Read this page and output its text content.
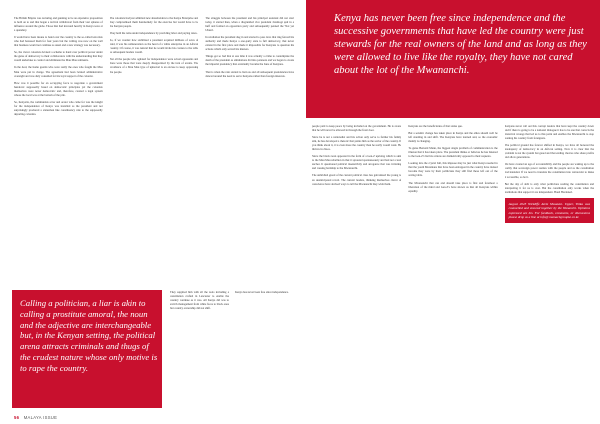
The British Empire was torturing and gunning to be an expansive proposition to hold on to and that began a tactical withdrawal from their vast spheres of influence around the globe. Those that had invested heavily in Kenya were at a quandary.

It would have been insane to hand over the country to the so-called terrorists who had harassed them for four years but the writing was now on the wall that business would not continue as usual and a new strategy was necessary.

So, the clever colonists devised a scheme to hand over political power under the guise of democracy to their collaborators with the understanding that they would undertake to control and eliminate the Mau Mau remnants.

In the deal, the home guards who were really the ones who fought the Mau Mau were put in charge. The agreement had been twisted administrative oversight and was duly consulted for his loyal support of the colonist.

How was it possible for an occupying force to negotiate a government handover supposedly based on democratic principles yet the colonists themselves were never democratic and, therefore, created a legal system whose the local was at the bottom of the pile.

So, Kenyatta, the communists actor and orator who came for was the knight for the independence of Kenya was installed as the president and not surprisingly produced a statesman like constituency rule to the supposedly departing colonists.

The colonists had just admitted new shareholders to the Kenya Enterprise and they compromised them handsomely for the exercise but would have to be the Kenyan people.

They held the reins under independence by providing labor and paying taxes.

So, if we wonder how stabilized a president acquired millions of acres of land, it was his remuneration as the head of a white enterprise in an African country. Of course, it was natural that he would invite his cronies to the table as subsequent leaders would.

Not all the people who agitated for independence were actual opponents and there were those that were deeply disappointed by the turn of events. The avoidance of a Mau Mau type of upheaval is an excuse to keep oppressing the people.

The struggle between the president and his principal assistant did not start today, it started then, when a disgruntled vice president Jaramogi quit in a huff and formed an opposition party and subsequently penned the 'Not yet Uhuru'.

In retaliation the president dug in and started to pass laws that ring fenced his authority and made Kenya a one-party state to full democracy, that never existed in the first place and made it impossible for Kenyans to question his actions which only served his masters.

Things got so bad that at one time it was actually a crime to contemplate the death of the president as simulations did into paranoia and we began to create the imperial presidency that eventually became the bane of Kenyans.

That is when the rain started to burn us and all subsequent presidencies have danced around the need to serve Kenyans rather than foreign interests.

Calling a politician, a liar is akin to calling a prostitute amoral, the noun and the adjective are interchangeable but, in the Kenyan setting, the political arena attracts criminals and thugs of the crudest nature whose only motive is to rape the country.

They supplied him with all the tools including a constitution crafted in Lancaster to enable the country continue as it was. All Kenya did was to switch management from white faces to black ones but country ownership did not shift.

Kenya has never been free since independence.

56 MALAYA ISSUE
Kenya has never been free since independence and the successive governments that have led the country were just stewards for the real owners of the land and as long as they were allowed to live like the royalty, they have not cared about the lot of the Mwananchi.

people paid to keep peace by being included on the government. He is aware that he will never be allowed in through the front door.

Since he is not a nationalist and his action only serve to further his family aim, he has developed a rhetoric that paints him as the savior of the country. If you think about it, it is even more the country than he really would want. He thrives in chaos.

Since the black swan appeared in the form of a Gen-Z uprising which is akin to the Mau Mau rebellion in that it sprouted spontaneously and had not a lead anchor. It questioned political insensitivity and arrogance that was irritating and causing hardship to the Mwananchi.

The unbridled greed of the current political class has galvanized the young to an unanticipated revolt. The current leaders, thinking themselves clever of conscience have devised ways to tell the Mwananchi they wish them.

Kenyans are the beneficiaries of that status quo.

But a seismic change has taken place in Kenya and the elites should well be left standing in and shift. The Kenyans have learned and, so the economic mainly is changing.

To guise Bernard Mann, the biggest single problem of communication is the illusion that it has taken place. The president thinks or believes he has listened to the Gen-Z's but his actions are diametrically opposed to their requests.

Looking into the crystal ball, this impasse may be just what Kenya needed in that the youth Muranians that have been entrapped in the country have indeed become they were by their politicians they still find these left out of the saving table.

The Mwananchi that can and should take place is first and foremost a liberation of the mind and Gen-Z's have shown us that all Kenyans within equality.

Kenyans never call out this corrupt leaders that have kept the country down and if there is going to be a national dialogue it has to be one that corrects the historical wrongs that led us to this point and enables the Mwananchi to stop loaning his country from foreigners.

The political ground has forever shifted in Kenya, we have all honored the inadequacy of democracy in an African setting. Now it is clear that the problem is not the system but greed and that ending choices who share profits and allow generations.

We have created an age of accountability and the people are waking up to the reality that sovereign power resides with the people and as the constitution had intended. If we need to translate the constitution into vernacular to make it accessible, so be it.

But the day of debt is only what politicians reading the constitution and interpreting it for us is over. But the constitution only works when the institutions that support it are independent. Hand Hardened.

August 2023 Wickliffe Alele Mwanzui. Upper, Thika was counselled and ensured together by the Wananchi. Opinions expressed are his. For feedback, comments, or discussions please drop us a line at info@ mumachgroupke.co.ke
